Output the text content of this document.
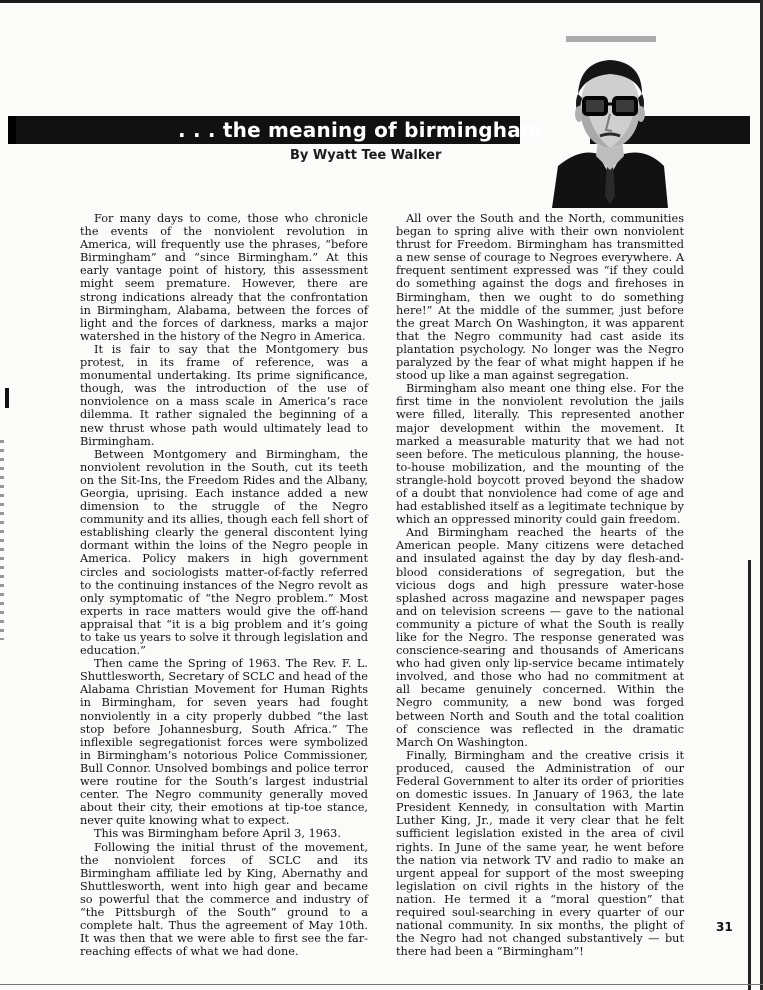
. . . the meaning of birmingham
By Wyatt Tee Walker

For many days to come, those who chronicle the events of the nonviolent revolution in America, will frequently use the phrases, “before Birmingham” and “since Birmingham.” At this early vantage point of history, this assessment might seem premature. However, there are strong indications already that the confrontation in Birmingham, Alabama, between the forces of light and the forces of darkness, marks a major watershed in the history of the Negro in America.

It is fair to say that the Montgomery bus protest, in its frame of reference, was a monumental undertaking. Its prime significance, though, was the introduction of the use of nonviolence on a mass scale in America’s race dilemma. It rather signaled the beginning of a new thrust whose path would ultimately lead to Birmingham.

Between Montgomery and Birmingham, the nonviolent revolution in the South, cut its teeth on the Sit-Ins, the Freedom Rides and the Albany, Georgia, uprising. Each instance added a new dimension to the struggle of the Negro community and its allies, though each fell short of establishing clearly the general discontent lying dormant within the loins of the Negro people in America. Policy makers in high government circles and sociologists matter-of-factly referred to the continuing instances of the Negro revolt as only symptomatic of “the Negro problem.” Most experts in race matters would give the off-hand appraisal that “it is a big problem and it’s going to take us years to solve it through legislation and education.”

Then came the Spring of 1963. The Rev. F. L. Shuttlesworth, Secretary of SCLC and head of the Alabama Christian Movement for Human Rights in Birmingham, for seven years had fought nonviolently in a city properly dubbed “the last stop before Johannesburg, South Africa.” The inflexible segregationist forces were symbolized in Birmingham’s notorious Police Commissioner, Bull Connor. Unsolved bombings and police terror were routine for the South’s largest industrial center. The Negro community generally moved about their city, their emotions at tip-toe stance, never quite knowing what to expect.

This was Birmingham before April 3, 1963.

Following the initial thrust of the movement, the nonviolent forces of SCLC and its Birmingham affiliate led by King, Abernathy and Shuttlesworth, went into high gear and became so powerful that the commerce and industry of “the Pittsburgh of the South” ground to a complete halt. Thus the agreement of May 10th. It was then that we were able to first see the far-reaching effects of what we had done.

All over the South and the North, communities began to spring alive with their own nonviolent thrust for Freedom. Birmingham has transmitted a new sense of courage to Negroes everywhere. A frequent sentiment expressed was “if they could do something against the dogs and firehoses in Birmingham, then we ought to do something here!” At the middle of the summer, just before the great March On Washington, it was apparent that the Negro community had cast aside its plantation psychology. No longer was the Negro paralyzed by the fear of what might happen if he stood up like a man against segregation.

Birmingham also meant one thing else. For the first time in the nonviolent revolution the jails were filled, literally. This represented another major development within the movement. It marked a measurable maturity that we had not seen before. The meticulous planning, the house-to-house mobilization, and the mounting of the strangle-hold boycott proved beyond the shadow of a doubt that nonviolence had come of age and had established itself as a legitimate technique by which an oppressed minority could gain freedom.

And Birmingham reached the hearts of the American people. Many citizens were detached and insulated against the day by day flesh-and-blood considerations of segregation, but the vicious dogs and high pressure water-hose splashed across magazine and newspaper pages and on television screens — gave to the national community a picture of what the South is really like for the Negro. The response generated was conscience-searing and thousands of Americans who had given only lip-service became intimately involved, and those who had no commitment at all became genuinely concerned. Within the Negro community, a new bond was forged between North and South and the total coalition of conscience was reflected in the dramatic March On Washington.

Finally, Birmingham and the creative crisis it produced, caused the Administration of our Federal Government to alter its order of priorities on domestic issues. In January of 1963, the late President Kennedy, in consultation with Martin Luther King, Jr., made it very clear that he felt sufficient legislation existed in the area of civil rights. In June of the same year, he went before the nation via network TV and radio to make an urgent appeal for support of the most sweeping legislation on civil rights in the history of the nation. He termed it a “moral question” that required soul-searching in every quarter of our national community. In six months, the plight of the Negro had not changed substantively — but there had been a “Birmingham”!

31
